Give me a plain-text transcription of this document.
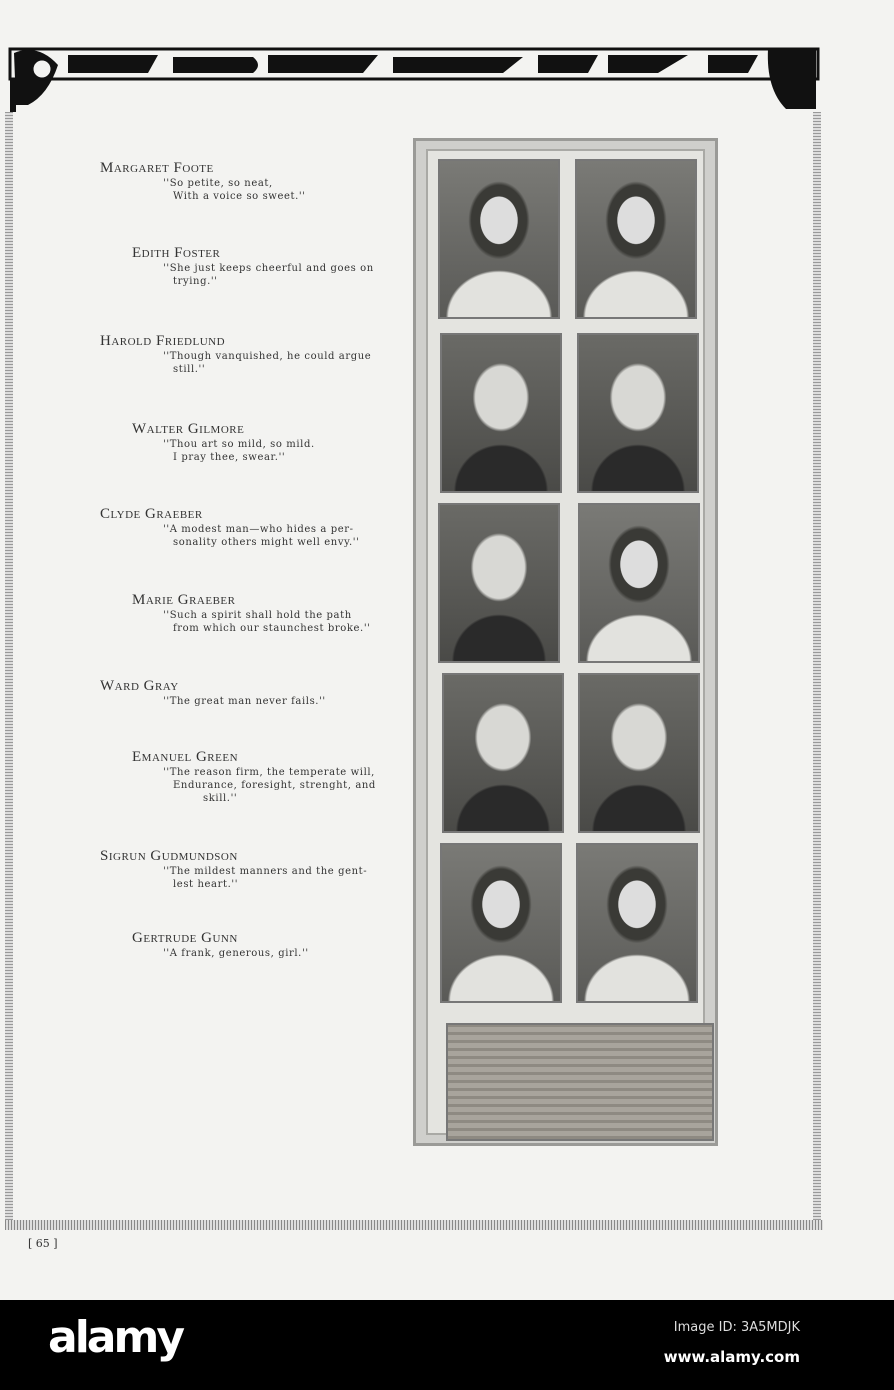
Margaret Foote
''So petite, so neat,
With a voice so sweet.''
Edith Foster
''She just keeps cheerful and goes on
trying.''
Harold Friedlund
''Though vanquished, he could argue
still.''
Walter Gilmore
''Thou art so mild, so mild.
I pray thee, swear.''
Clyde Graeber
''A modest man—who hides a per-
sonality others might well envy.''
Marie Graeber
''Such a spirit shall hold the path
from which our staunchest broke.''
Ward Gray
''The great man never fails.''
Emanuel Green
''The reason firm, the temperate will,
Endurance, foresight, strenght, and
skill.''
Sigrun Gudmundson
''The mildest manners and the gent-
lest heart.''
Gertrude Gunn
''A frank, generous, girl.''
[ 65 ]
alamy	Image ID: 3A5MDJK
www.alamy.com
